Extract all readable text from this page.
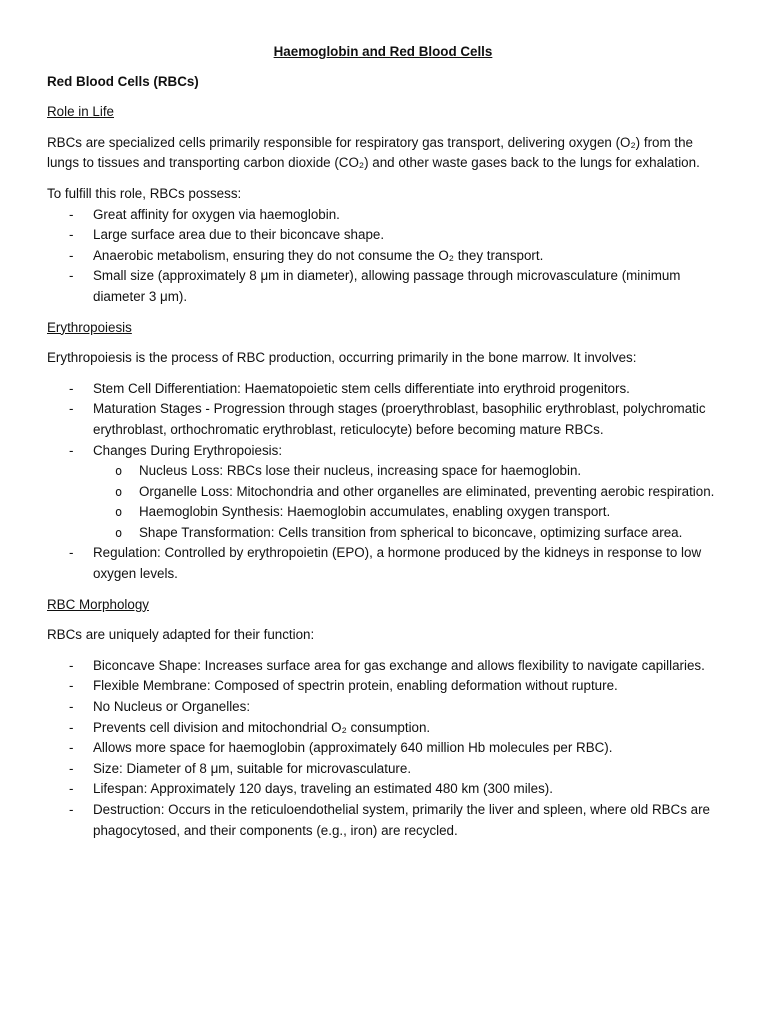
Haemoglobin and Red Blood Cells
Red Blood Cells (RBCs)
Role in Life

RBCs are specialized cells primarily responsible for respiratory gas transport, delivering oxygen (O₂) from the lungs to tissues and transporting carbon dioxide (CO₂) and other waste gases back to the lungs for exhalation.

To fulfill this role, RBCs possess:

- Great affinity for oxygen via haemoglobin.
- Large surface area due to their biconcave shape.
- Anaerobic metabolism, ensuring they do not consume the O₂ they transport.
- Small size (approximately 8 μm in diameter), allowing passage through microvasculature (minimum diameter 3 μm).
Erythropoiesis

Erythropoiesis is the process of RBC production, occurring primarily in the bone marrow. It involves:

- Stem Cell Differentiation: Haematopoietic stem cells differentiate into erythroid progenitors.
- Maturation Stages - Progression through stages (proerythroblast, basophilic erythroblast, polychromatic erythroblast, orthochromatic erythroblast, reticulocyte) before becoming mature RBCs.
- Changes During Erythropoiesis:
o Nucleus Loss: RBCs lose their nucleus, increasing space for haemoglobin.
o Organelle Loss: Mitochondria and other organelles are eliminated, preventing aerobic respiration.
o Haemoglobin Synthesis: Haemoglobin accumulates, enabling oxygen transport.
o Shape Transformation: Cells transition from spherical to biconcave, optimizing surface area.
- Regulation: Controlled by erythropoietin (EPO), a hormone produced by the kidneys in response to low oxygen levels.
RBC Morphology

RBCs are uniquely adapted for their function:

- Biconcave Shape: Increases surface area for gas exchange and allows flexibility to navigate capillaries.
- Flexible Membrane: Composed of spectrin protein, enabling deformation without rupture.
- No Nucleus or Organelles:
- Prevents cell division and mitochondrial O₂ consumption.
- Allows more space for haemoglobin (approximately 640 million Hb molecules per RBC).
- Size: Diameter of 8 μm, suitable for microvasculature.
- Lifespan: Approximately 120 days, traveling an estimated 480 km (300 miles).
- Destruction: Occurs in the reticuloendothelial system, primarily the liver and spleen, where old RBCs are phagocytosed, and their components (e.g., iron) are recycled.
